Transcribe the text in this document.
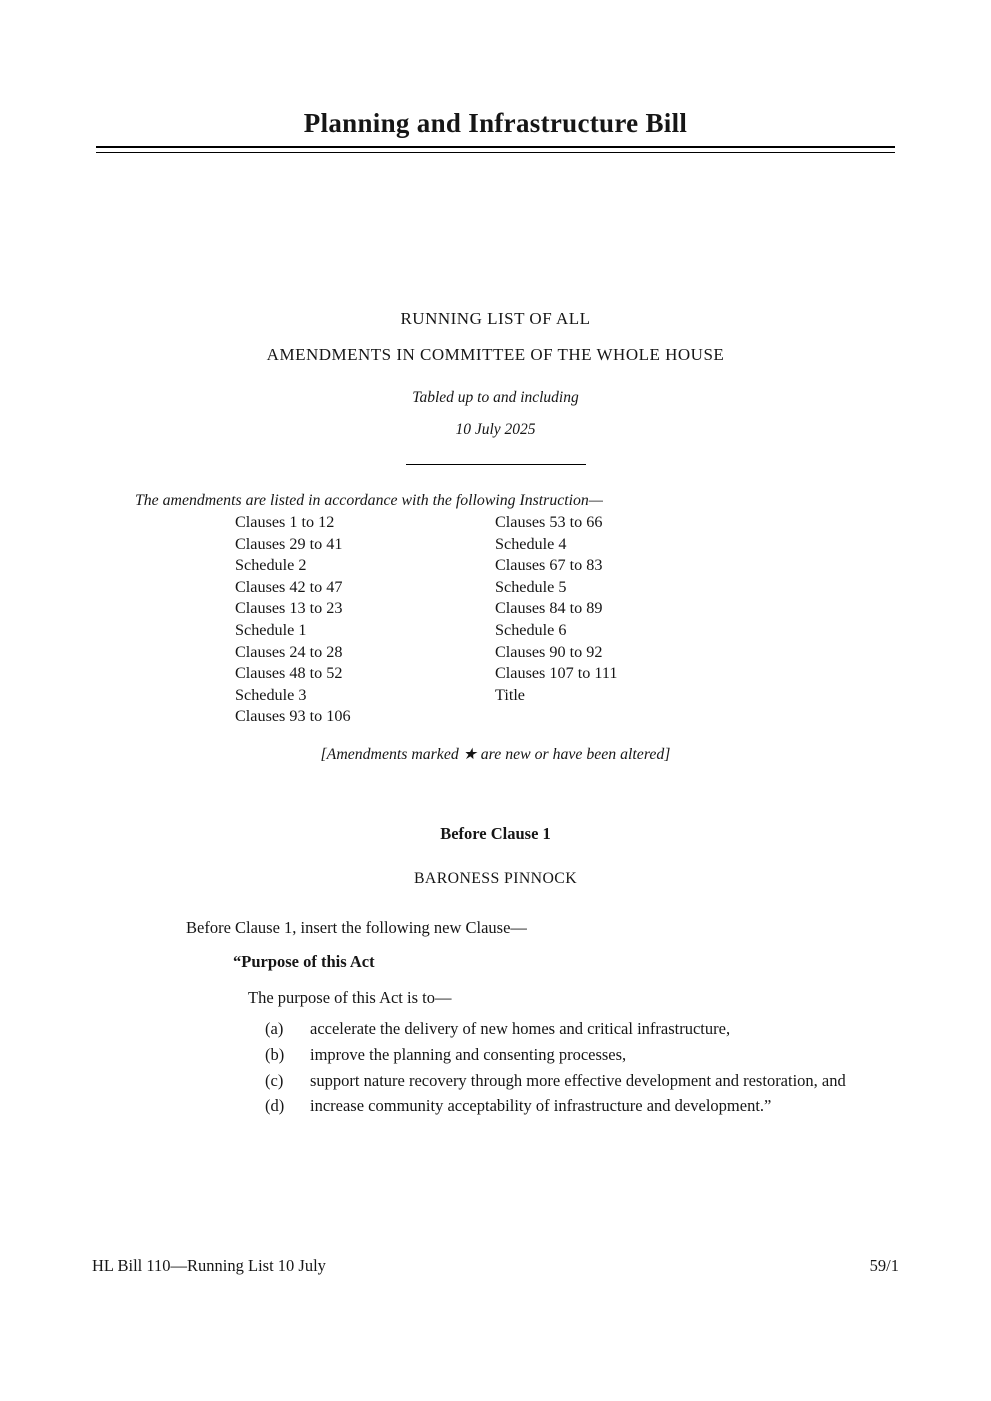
Planning and Infrastructure Bill
RUNNING LIST OF ALL
AMENDMENTS IN COMMITTEE OF THE WHOLE HOUSE
Tabled up to and including
10 July 2025
The amendments are listed in accordance with the following Instruction—
Clauses 1 to 12
Clauses 29 to 41
Schedule 2
Clauses 42 to 47
Clauses 13 to 23
Schedule 1
Clauses 24 to 28
Clauses 48 to 52
Schedule 3
Clauses 93 to 106
Clauses 53 to 66
Schedule 4
Clauses 67 to 83
Schedule 5
Clauses 84 to 89
Schedule 6
Clauses 90 to 92
Clauses 107 to 111
Title
[Amendments marked ★ are new or have been altered]
Before Clause 1
BARONESS PINNOCK
Before Clause 1, insert the following new Clause—
“Purpose of this Act
The purpose of this Act is to—
(a)	accelerate the delivery of new homes and critical infrastructure,
(b)	improve the planning and consenting processes,
(c)	support nature recovery through more effective development and restoration, and
(d)	increase community acceptability of infrastructure and development.”
HL Bill 110—Running List 10 July	59/1
